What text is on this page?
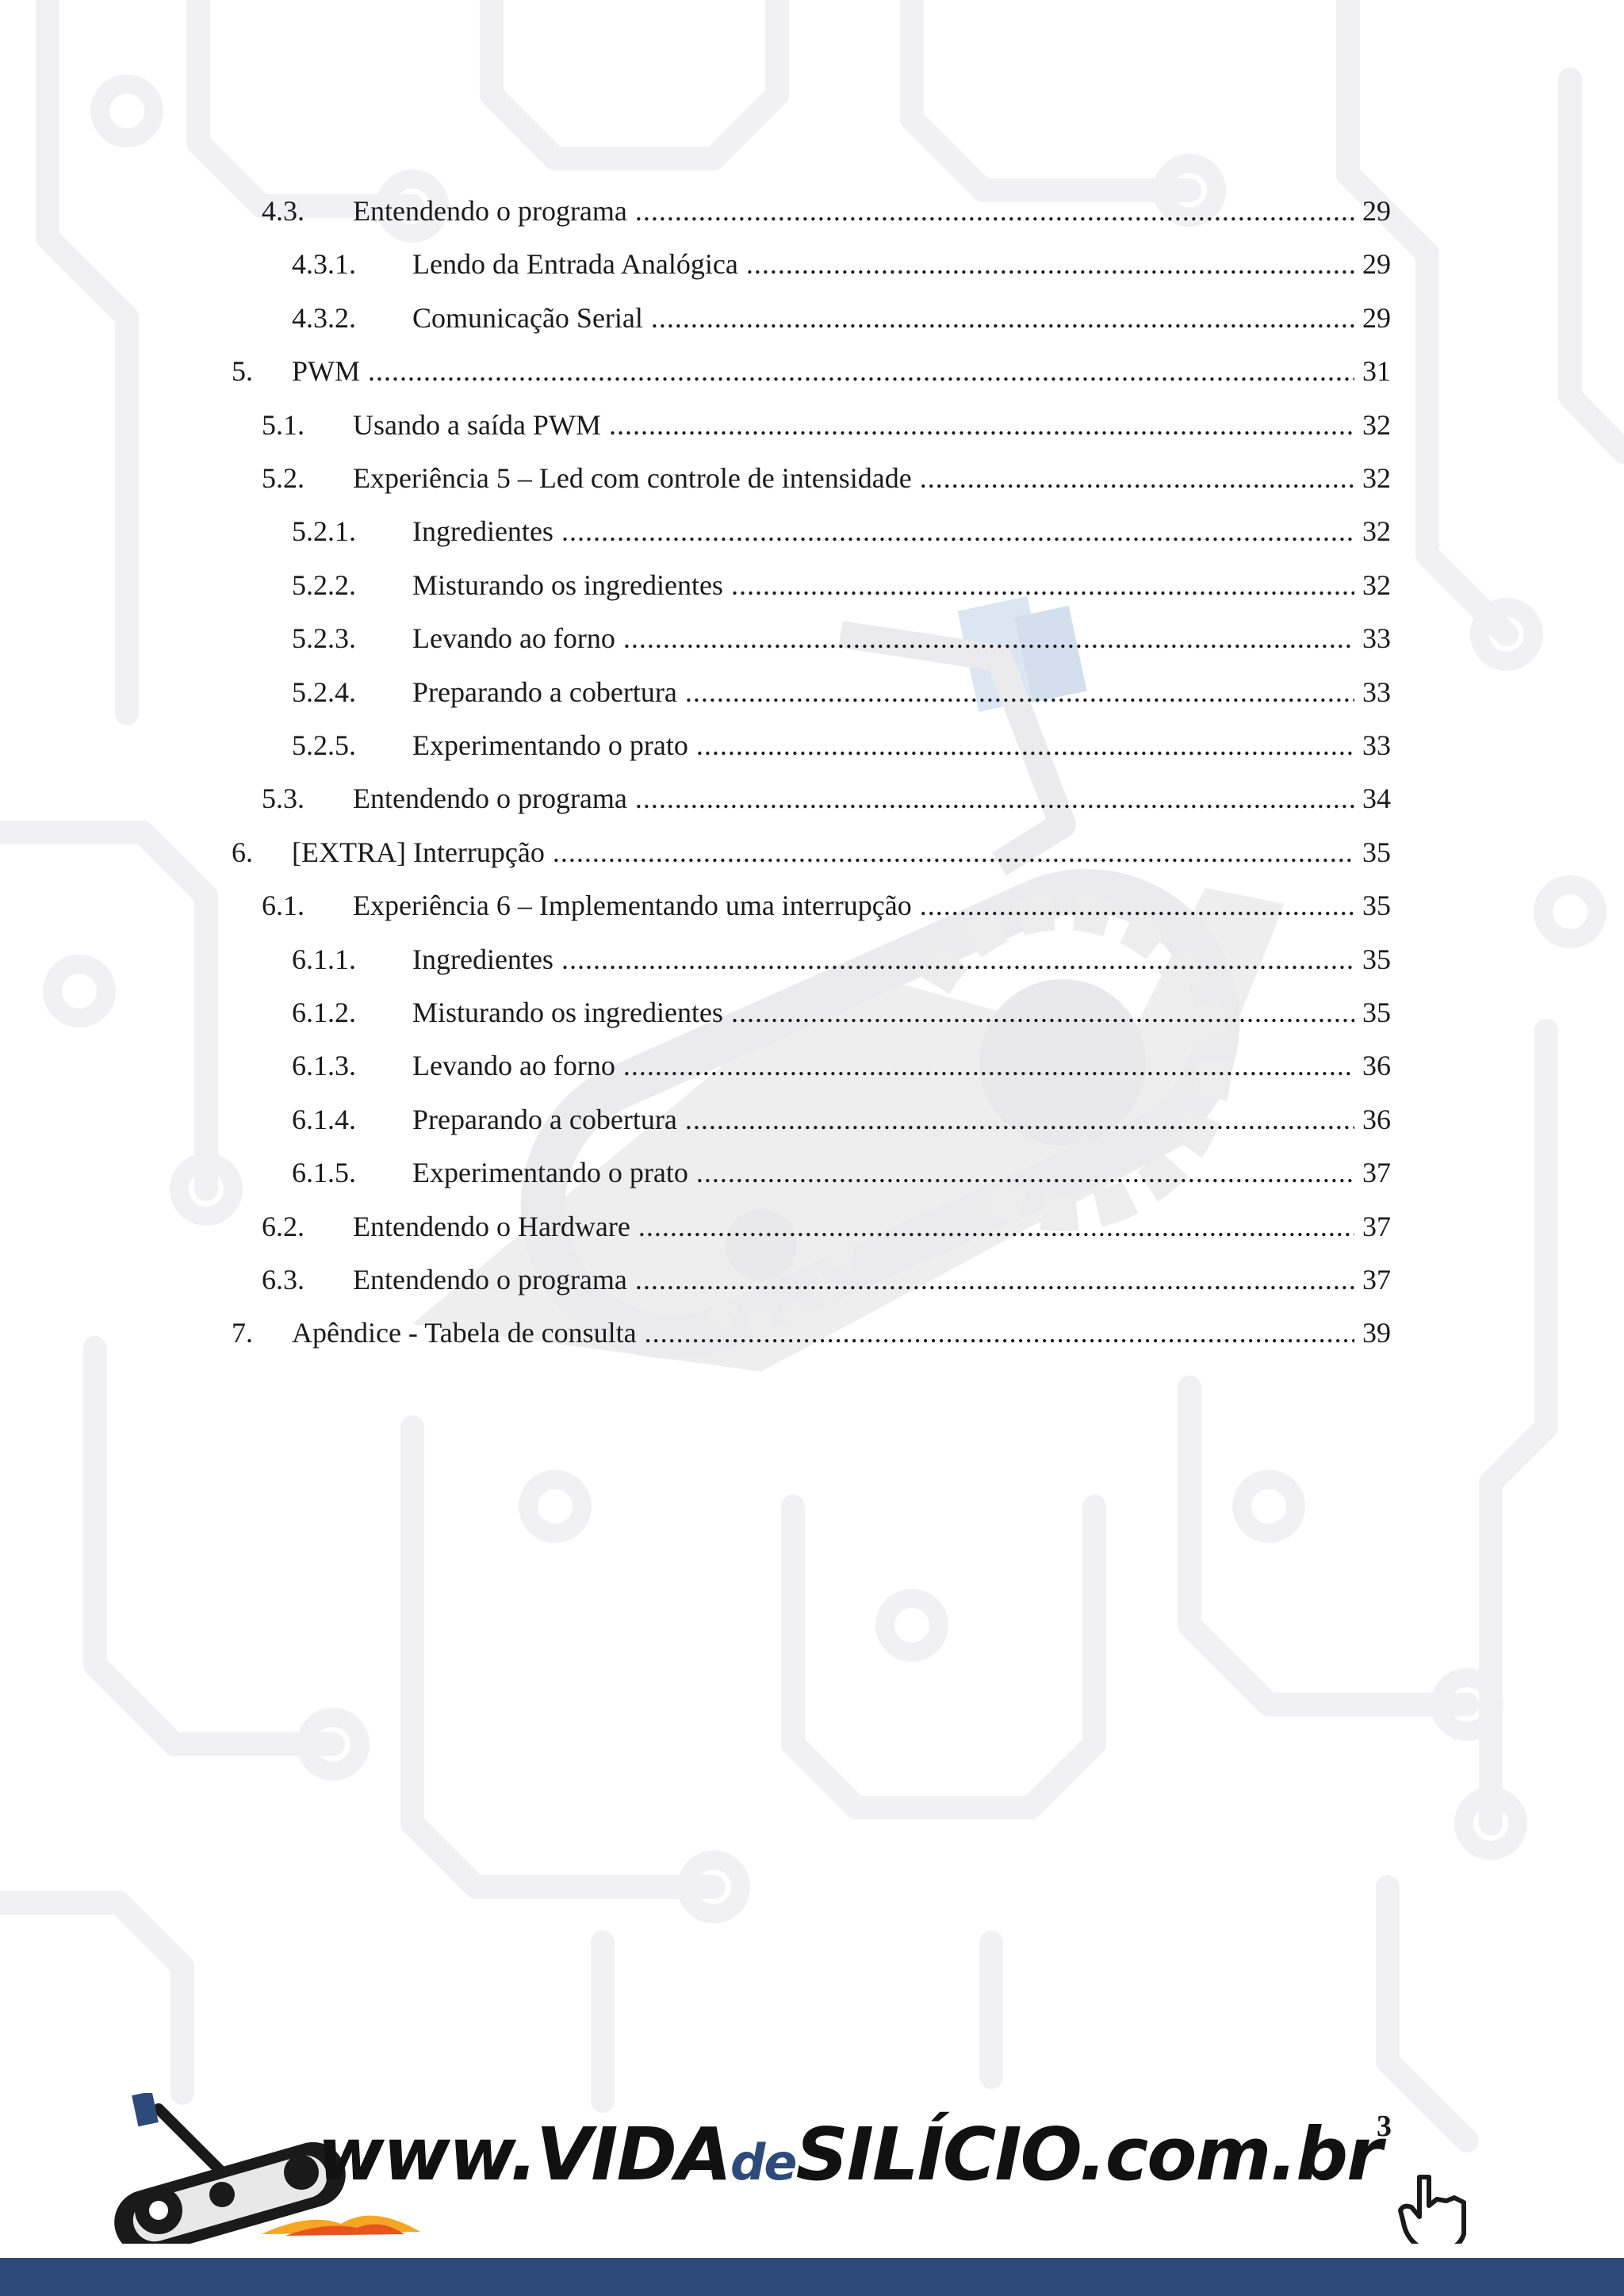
4.3. Entendendo o programa .....	29
4.3.1. Lendo da Entrada Analógica .....	29
4.3.2. Comunicação Serial .....	29
5. PWM .....	31
5.1. Usando a saída PWM .....	32
5.2. Experiência 5 – Led com controle de intensidade .....	32
5.2.1. Ingredientes .....	32
5.2.2. Misturando os ingredientes .....	32
5.2.3. Levando ao forno .....	33
5.2.4. Preparando a cobertura .....	33
5.2.5. Experimentando o prato .....	33
5.3. Entendendo o programa .....	34
6. [EXTRA] Interrupção .....	35
6.1. Experiência 6 – Implementando uma interrupção .....	35
6.1.1. Ingredientes .....	35
6.1.2. Misturando os ingredientes .....	35
6.1.3. Levando ao forno .....	36
6.1.4. Preparando a cobertura .....	36
6.1.5. Experimentando o prato .....	37
6.2. Entendendo o Hardware .....	37
6.3. Entendendo o programa .....	37
7. Apêndice - Tabela de consulta .....	39
3
www.VIDAdeSILÍCIO.com.br
